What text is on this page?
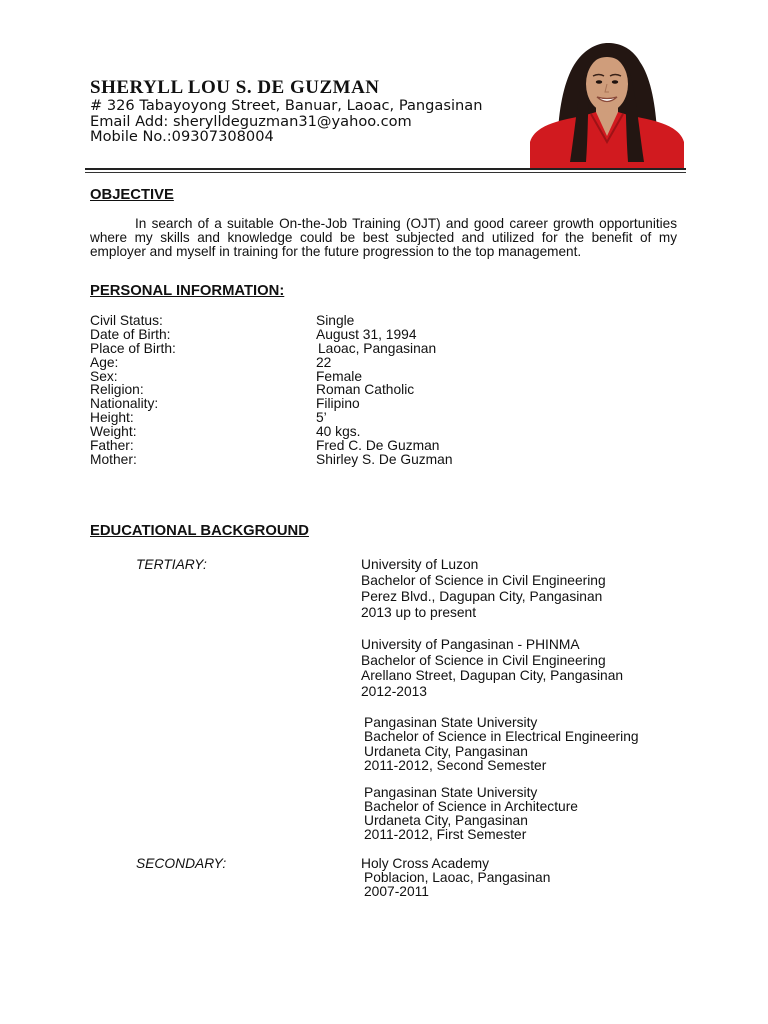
SHERYLL LOU S. DE GUZMAN
# 326 Tabayoyong Street, Banuar, Laoac, Pangasinan
Email Add: sherylldeguzman31@yahoo.com
Mobile No.:09307308004
OBJECTIVE
In search of a suitable On-the-Job Training (OJT) and good career growth opportunities
where my skills and knowledge could be best subjected and utilized for the benefit of my
employer and myself in training for the future progression to the top management.
PERSONAL INFORMATION:
Civil Status:	Single
Date of Birth:	August 31, 1994
Place of Birth:	Laoac, Pangasinan
Age:	22
Sex:	Female
Religion:	Roman Catholic
Nationality:	Filipino
Height:	5’
Weight:	40 kgs.
Father:	Fred C. De Guzman
Mother:	Shirley S. De Guzman
EDUCATIONAL BACKGROUND
TERTIARY:	University of Luzon
Bachelor of Science in Civil Engineering
Perez Blvd., Dagupan City, Pangasinan
2013 up to present
University of Pangasinan - PHINMA
Bachelor of Science in Civil Engineering
Arellano Street, Dagupan City, Pangasinan
2012-2013
Pangasinan State University
Bachelor of Science in Electrical Engineering
Urdaneta City, Pangasinan
2011-2012, Second Semester
Pangasinan State University
Bachelor of Science in Architecture
Urdaneta City, Pangasinan
2011-2012, First Semester
SECONDARY:	Holy Cross Academy
Poblacion, Laoac, Pangasinan
2007-2011
